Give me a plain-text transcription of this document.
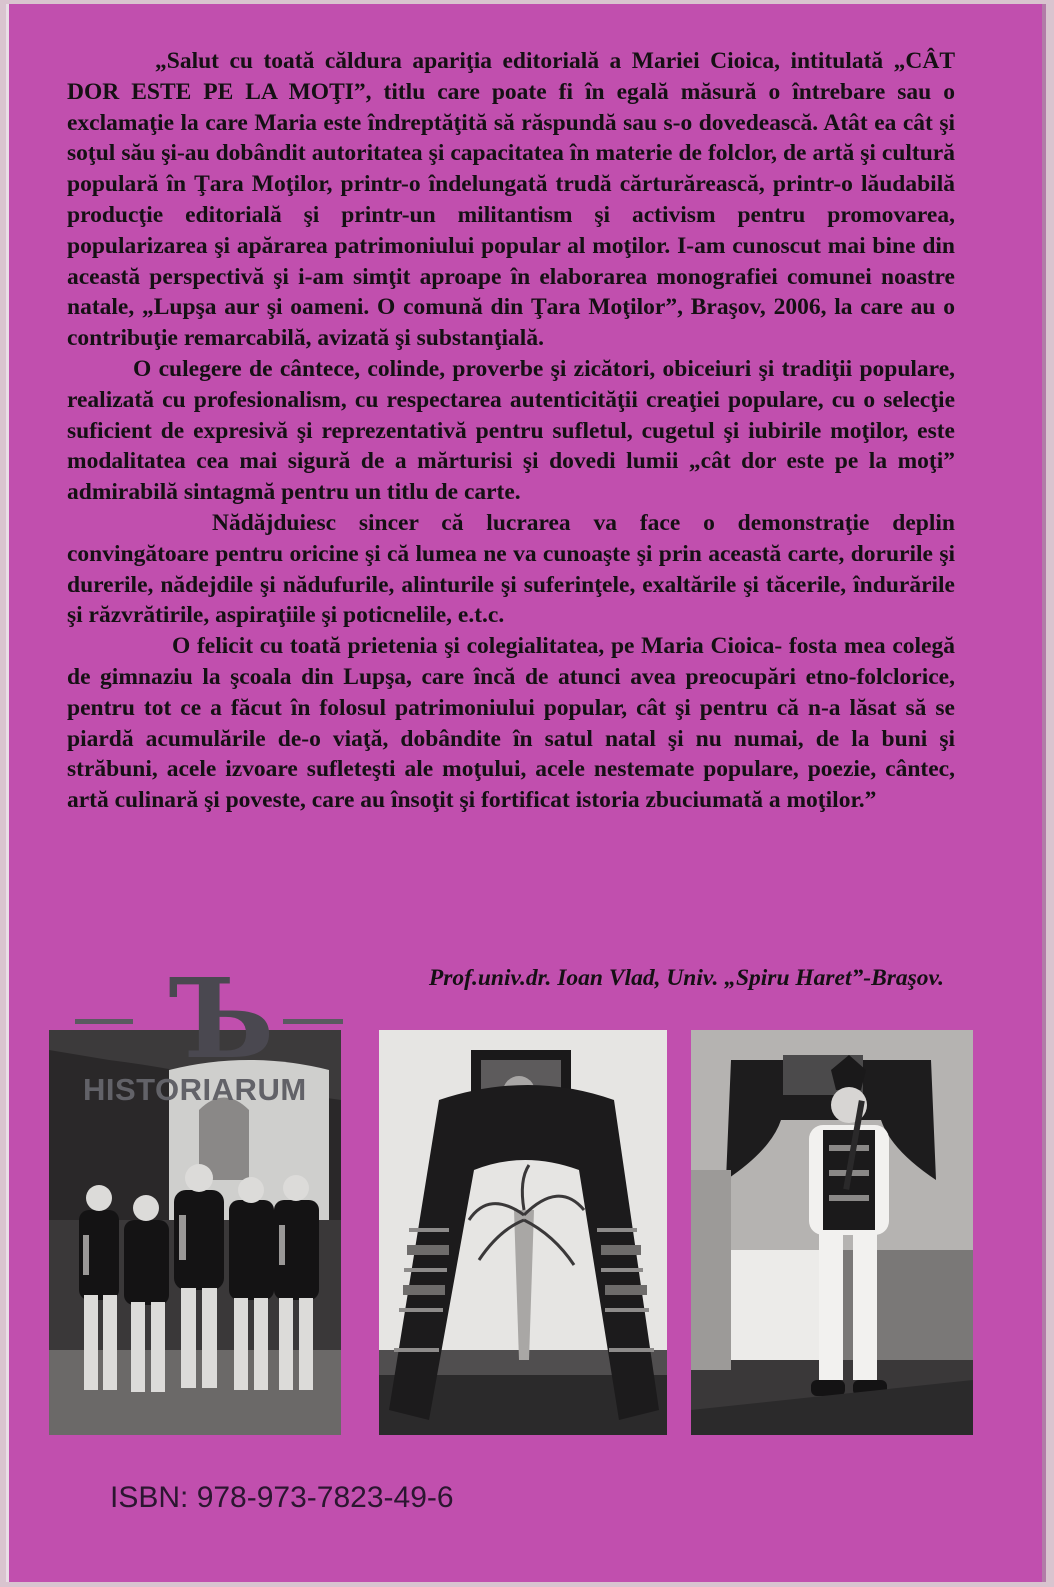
„Salut cu toată căldura apariţia editorială a Mariei Cioica, intitulată „CÂT DOR ESTE PE LA MOŢI”, titlu care poate fi în egală măsură o întrebare sau o exclamaţie la care Maria este îndreptăţită să răspundă sau s-o dovedească. Atât ea cât şi soţul său şi-au dobândit autoritatea şi capacitatea în materie de folclor, de artă şi cultură populară în Ţara Moţilor, printr-o îndelungată trudă cărturărească, printr-o lăudabilă producţie editorială şi printr-un militantism şi activism pentru promovarea, popularizarea şi apărarea patrimoniului popular al moţilor. I-am cunoscut mai bine din această perspectivă şi i-am simţit aproape în elaborarea monografiei comunei noastre natale, „Lupşa aur şi oameni. O comună din Ţara Moţilor”, Braşov, 2006, la care au o contribuţie remarcabilă, avizată şi substanţială.

O culegere de cântece, colinde, proverbe şi zicători, obiceiuri şi tradiţii populare, realizată cu profesionalism, cu respectarea autenticităţii creaţiei populare, cu o selecţie suficient de expresivă şi reprezentativă pentru sufletul, cugetul şi iubirile moţilor, este modalitatea cea mai sigură de a mărturisi şi dovedi lumii „cât dor este pe la moţi” admirabilă sintagmă pentru un titlu de carte.

Nădăjduiesc sincer că lucrarea va face o demonstraţie deplin convingătoare pentru oricine şi că lumea ne va cunoaşte şi prin această carte, dorurile şi durerile, nădejdile şi nădufurile, alinturile şi suferinţele, exaltările şi tăcerile, îndurările şi răzvrătirile, aspiraţiile şi poticnelile, e.t.c.

O felicit cu toată prietenia şi colegialitatea, pe Maria Cioica- fosta mea colegă de gimnaziu la şcoala din Lupşa, care încă de atunci avea preocupări etno-folclorice, pentru tot ce a făcut în folosul patrimoniului popular, cât şi pentru că n-a lăsat să se piardă acumulările de-o viaţă, dobândite în satul natal şi nu numai, de la buni şi străbuni, acele izvoare sufleteşti ale moţului, acele nestemate populare, poezie, cântec, artă culinară şi poveste, care au însoţit şi fortificat istoria zbuciumată a moţilor.”

Prof.univ.dr. Ioan Vlad, Univ. „Spiru Haret”-Braşov.
Ъ
HISTORIARUM
ISBN: 978-973-7823-49-6
